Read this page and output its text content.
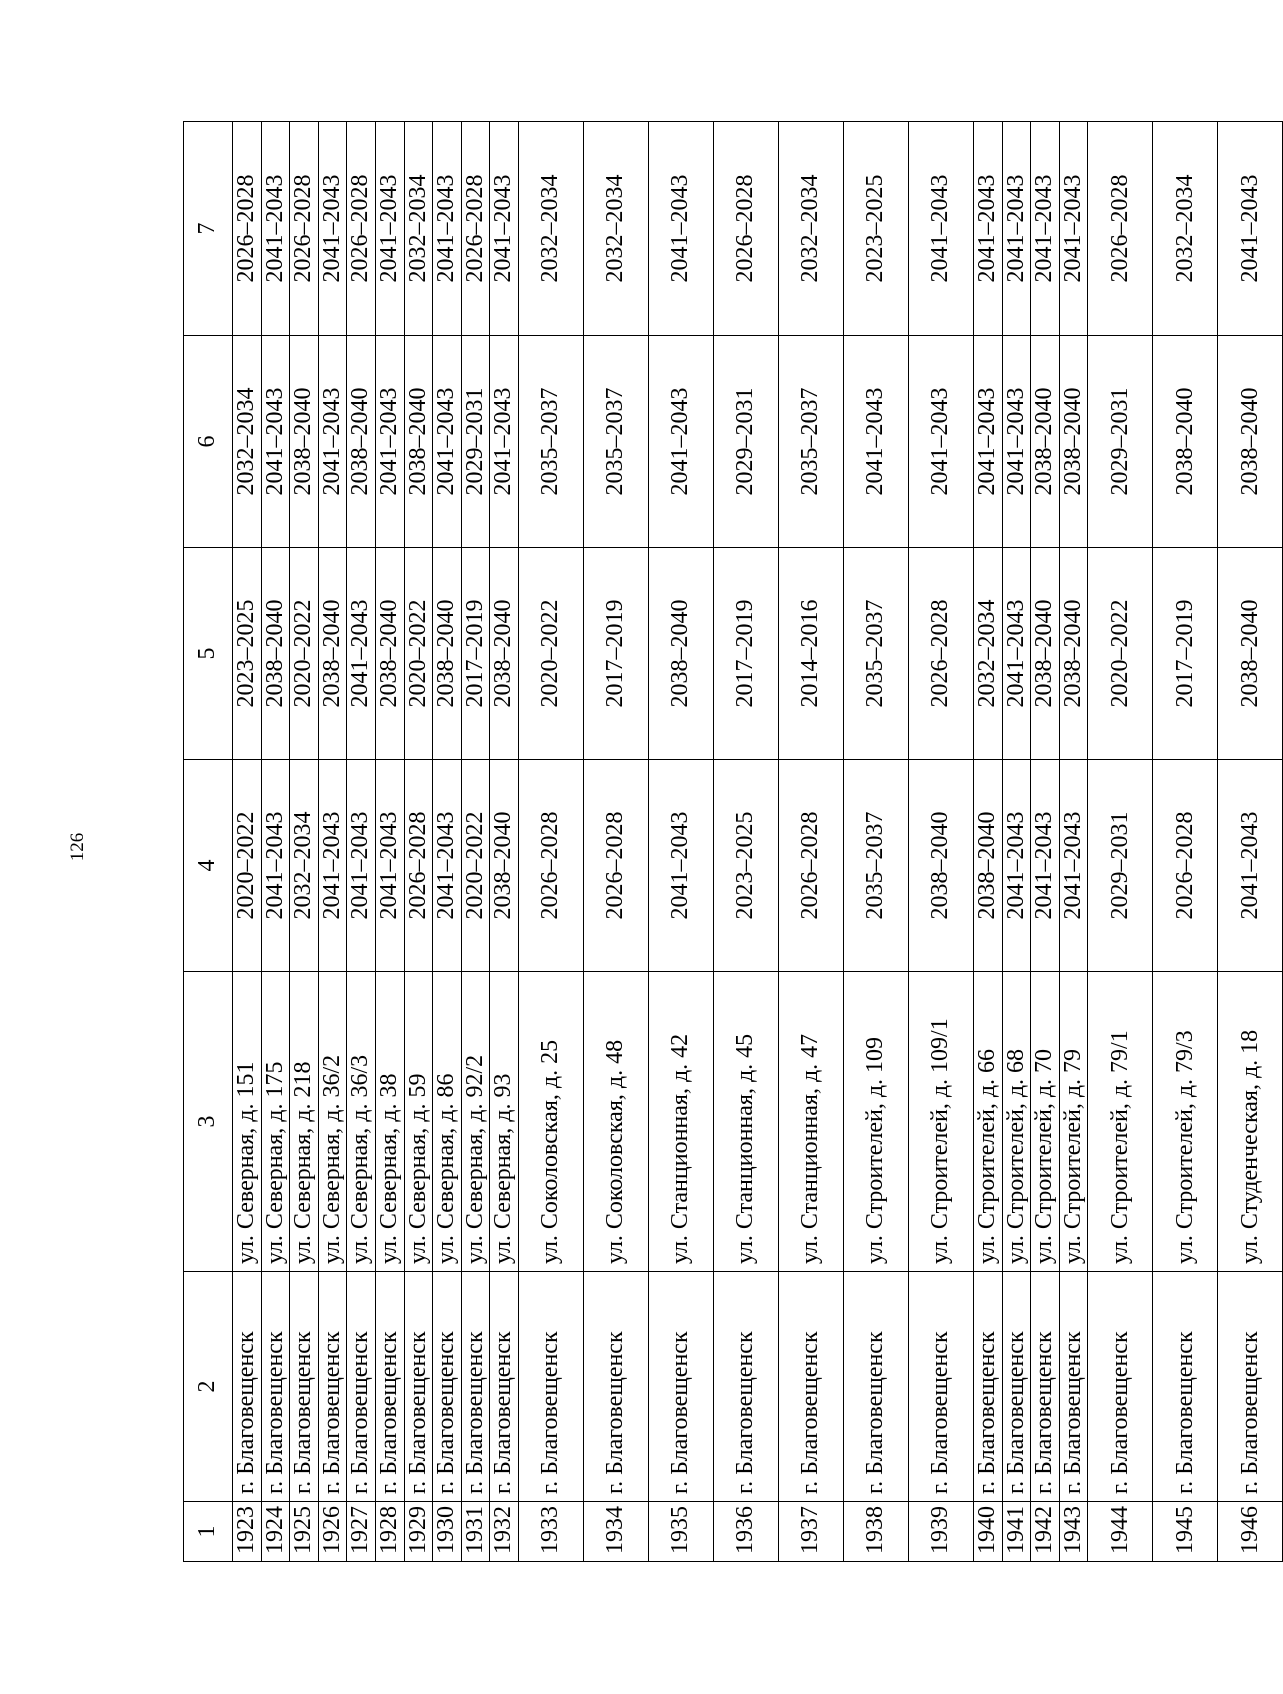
126
1	2	3	4	5	6	7
1923	г. Благовещенск	ул. Северная, д. 151	2020–2022	2023–2025	2032–2034	2026–2028
1924	г. Благовещенск	ул. Северная, д. 175	2041–2043	2038–2040	2041–2043	2041–2043
1925	г. Благовещенск	ул. Северная, д. 218	2032–2034	2020–2022	2038–2040	2026–2028
1926	г. Благовещенск	ул. Северная, д. 36/2	2041–2043	2038–2040	2041–2043	2041–2043
1927	г. Благовещенск	ул. Северная, д. 36/3	2041–2043	2041–2043	2038–2040	2026–2028
1928	г. Благовещенск	ул. Северная, д. 38	2041–2043	2038–2040	2041–2043	2041–2043
1929	г. Благовещенск	ул. Северная, д. 59	2026–2028	2020–2022	2038–2040	2032–2034
1930	г. Благовещенск	ул. Северная, д. 86	2041–2043	2038–2040	2041–2043	2041–2043
1931	г. Благовещенск	ул. Северная, д. 92/2	2020–2022	2017–2019	2029–2031	2026–2028
1932	г. Благовещенск	ул. Северная, д. 93	2038–2040	2038–2040	2041–2043	2041–2043
1933	г. Благовещенск	ул. Соколовская, д. 25	2026–2028	2020–2022	2035–2037	2032–2034
1934	г. Благовещенск	ул. Соколовская, д. 48	2026–2028	2017–2019	2035–2037	2032–2034
1935	г. Благовещенск	ул. Станционная, д. 42	2041–2043	2038–2040	2041–2043	2041–2043
1936	г. Благовещенск	ул. Станционная, д. 45	2023–2025	2017–2019	2029–2031	2026–2028
1937	г. Благовещенск	ул. Станционная, д. 47	2026–2028	2014–2016	2035–2037	2032–2034
1938	г. Благовещенск	ул. Строителей, д. 109	2035–2037	2035–2037	2041–2043	2023–2025
1939	г. Благовещенск	ул. Строителей, д. 109/1	2038–2040	2026–2028	2041–2043	2041–2043
1940	г. Благовещенск	ул. Строителей, д. 66	2038–2040	2032–2034	2041–2043	2041–2043
1941	г. Благовещенск	ул. Строителей, д. 68	2041–2043	2041–2043	2041–2043	2041–2043
1942	г. Благовещенск	ул. Строителей, д. 70	2041–2043	2038–2040	2038–2040	2041–2043
1943	г. Благовещенск	ул. Строителей, д. 79	2041–2043	2038–2040	2038–2040	2041–2043
1944	г. Благовещенск	ул. Строителей, д. 79/1	2029–2031	2020–2022	2029–2031	2026–2028
1945	г. Благовещенск	ул. Строителей, д. 79/3	2026–2028	2017–2019	2038–2040	2032–2034
1946	г. Благовещенск	ул. Студенческая, д. 18	2041–2043	2038–2040	2038–2040	2041–2043
